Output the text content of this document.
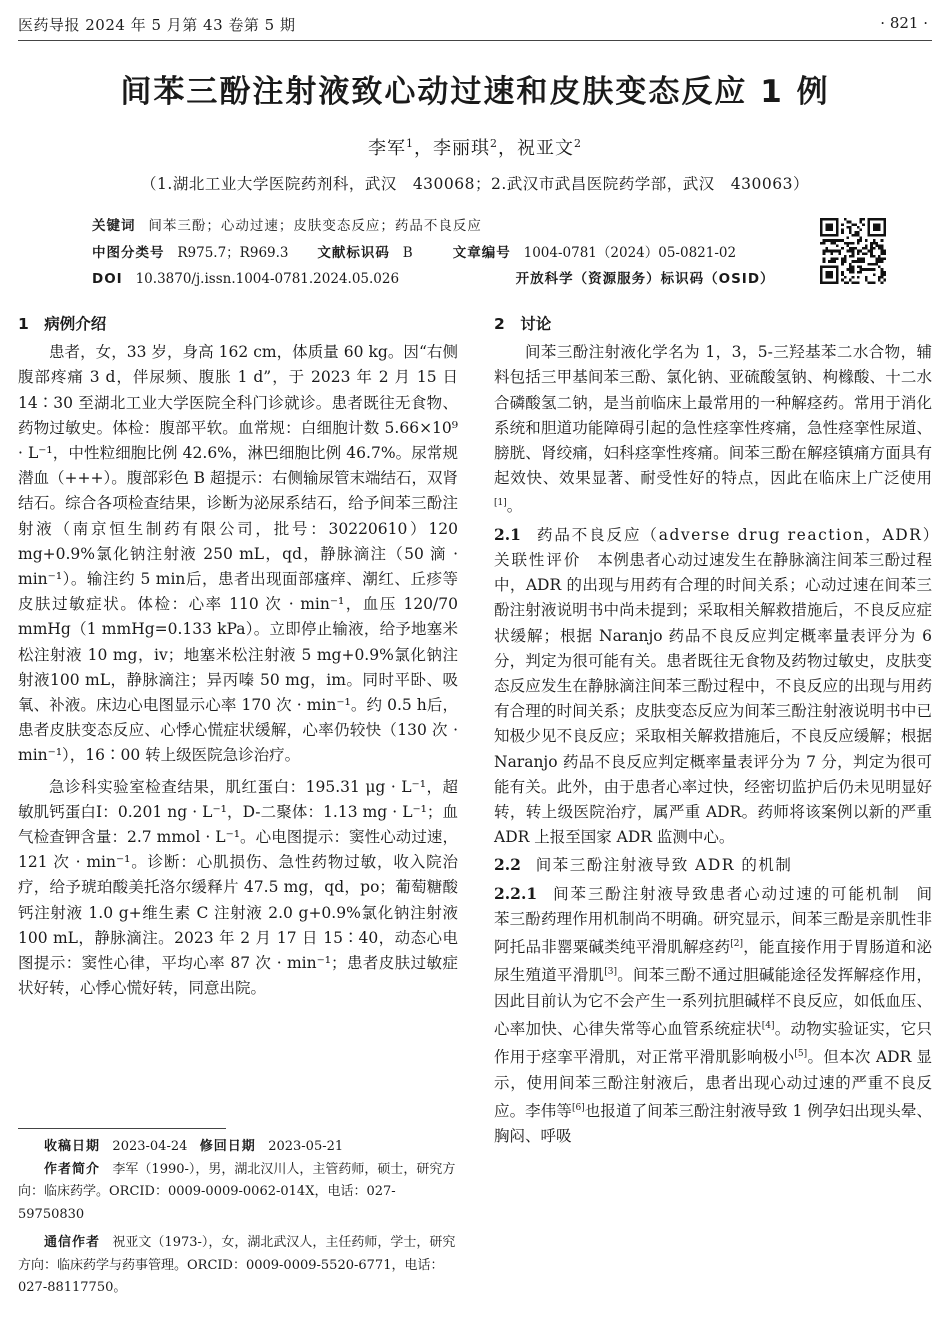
医药导报 2024 年 5 月第 43 卷第 5 期	· 821 ·
间苯三酚注射液致心动过速和皮肤变态反应 1 例
李军$^1$，李丽琪$^2$，祝亚文$^2$
（1.湖北工业大学医院药剂科，武汉　430068；2.武汉市武昌医院药学部，武汉　430063）
关键词 间苯三酚；心动过速；皮肤变态反应；药品不良反应
中图分类号 R975.7；R969.3 文献标识码 B	文章编号 1004-0781（2024）05-0821-02
DOI 10.3870/j.issn.1004-0781.2024.05.026	开放科学（资源服务）标识码（OSID）
1　病例介绍

患者，女，33 岁，身高 162 cm，体质量 60 kg。因“右侧腹部疼痛 3 d，伴尿频、腹胀 1 d”，于 2023 年 2 月 15 日 14∶30 至湖北工业大学医院全科门诊就诊。患者既往无食物、药物过敏史。体检：腹部平软。血常规：白细胞计数 5.66×10⁹ · L⁻¹，中性粒细胞比例 42.6%，淋巴细胞比例 46.7%。尿常规潜血（+++）。腹部彩色 B 超提示：右侧输尿管末端结石，双肾结石。综合各项检查结果，诊断为泌尿系结石，给予间苯三酚注射液（南京恒生制药有限公司，批号：30220610）120 mg+0.9%氯化钠注射液 250 mL，qd，静脉滴注（50 滴 · min⁻¹）。输注约 5 min后，患者出现面部瘙痒、潮红、丘疹等皮肤过敏症状。体检：心率 110 次 · min⁻¹，血压 120/70 mmHg（1 mmHg=0.133 kPa）。立即停止输液，给予地塞米松注射液 10 mg，iv；地塞米松注射液 5 mg+0.9%氯化钠注射液100 mL，静脉滴注；异丙嗪 50 mg，im。同时平卧、吸氧、补液。床边心电图显示心率 170 次 · min⁻¹。约 0.5 h后，患者皮肤变态反应、心悸心慌症状缓解，心率仍较快（130 次 · min⁻¹），16∶00 转上级医院急诊治疗。

急诊科实验室检查结果，肌红蛋白：195.31 μg · L⁻¹，超敏肌钙蛋白I：0.201 ng · L⁻¹，D-二聚体：1.13 mg · L⁻¹；血气检查钾含量：2.7 mmol · L⁻¹。心电图提示：窦性心动过速，121 次 · min⁻¹。诊断：心肌损伤、急性药物过敏，收入院治疗，给予琥珀酸美托洛尔缓释片 47.5 mg，qd，po；葡萄糖酸钙注射液 1.0 g+维生素 C 注射液 2.0 g+0.9%氯化钠注射液 100 mL，静脉滴注。2023 年 2 月 17 日 15∶40，动态心电图提示：窦性心律，平均心率 87 次 · min⁻¹；患者皮肤过敏症状好转，心悸心慌好转，同意出院。

收稿日期 2023-04-24 修回日期 2023-05-21

作者简介 李军（1990-），男，湖北汉川人，主管药师，硕士，研究方向：临床药学。ORCID：0009-0009-0062-014X，电话：027-59750830

通信作者 祝亚文（1973-），女，湖北武汉人，主任药师，学士，研究方向：临床药学与药事管理。ORCID：0009-0009-5520-6771，电话：027-88117750。

2　讨论

间苯三酚注射液化学名为 1，3，5-三羟基苯二水合物，辅料包括三甲基间苯三酚、氯化钠、亚硫酸氢钠、枸橼酸、十二水合磷酸氢二钠，是当前临床上最常用的一种解痉药。常用于消化系统和胆道功能障碍引起的急性痉挛性疼痛，急性痉挛性尿道、膀胱、肾绞痛，妇科痉挛性疼痛。间苯三酚在解痉镇痛方面具有起效快、效果显著、耐受性好的特点，因此在临床上广泛使用[1]。

2.1 药品不良反应（adverse drug reaction，ADR）关联性评价 本例患者心动过速发生在静脉滴注间苯三酚过程中，ADR 的出现与用药有合理的时间关系；心动过速在间苯三酚注射液说明书中尚未提到；采取相关解救措施后，不良反应症状缓解；根据 Naranjo 药品不良反应判定概率量表评分为 6 分，判定为很可能有关。患者既往无食物及药物过敏史，皮肤变态反应发生在静脉滴注间苯三酚过程中，不良反应的出现与用药有合理的时间关系；皮肤变态反应为间苯三酚注射液说明书中已知极少见不良反应；采取相关解救措施后，不良反应缓解；根据 Naranjo 药品不良反应判定概率量表评分为 7 分，判定为很可能有关。此外，由于患者心率过快，经密切监护后仍未见明显好转，转上级医院治疗，属严重 ADR。药师将该案例以新的严重 ADR 上报至国家 ADR 监测中心。

2.2 间苯三酚注射液导致 ADR 的机制

2.2.1 间苯三酚注射液导致患者心动过速的可能机制 间苯三酚药理作用机制尚不明确。研究显示，间苯三酚是亲肌性非阿托品非罂粟碱类纯平滑肌解痉药[2]，能直接作用于胃肠道和泌尿生殖道平滑肌[3]。间苯三酚不通过胆碱能途径发挥解痉作用，因此目前认为它不会产生一系列抗胆碱样不良反应，如低血压、心率加快、心律失常等心血管系统症状[4]。动物实验证实，它只作用于痉挛平滑肌，对正常平滑肌影响极小[5]。但本次 ADR 显示，使用间苯三酚注射液后，患者出现心动过速的严重不良反应。李伟等[6]也报道了间苯三酚注射液导致 1 例孕妇出现头晕、胸闷、呼吸
